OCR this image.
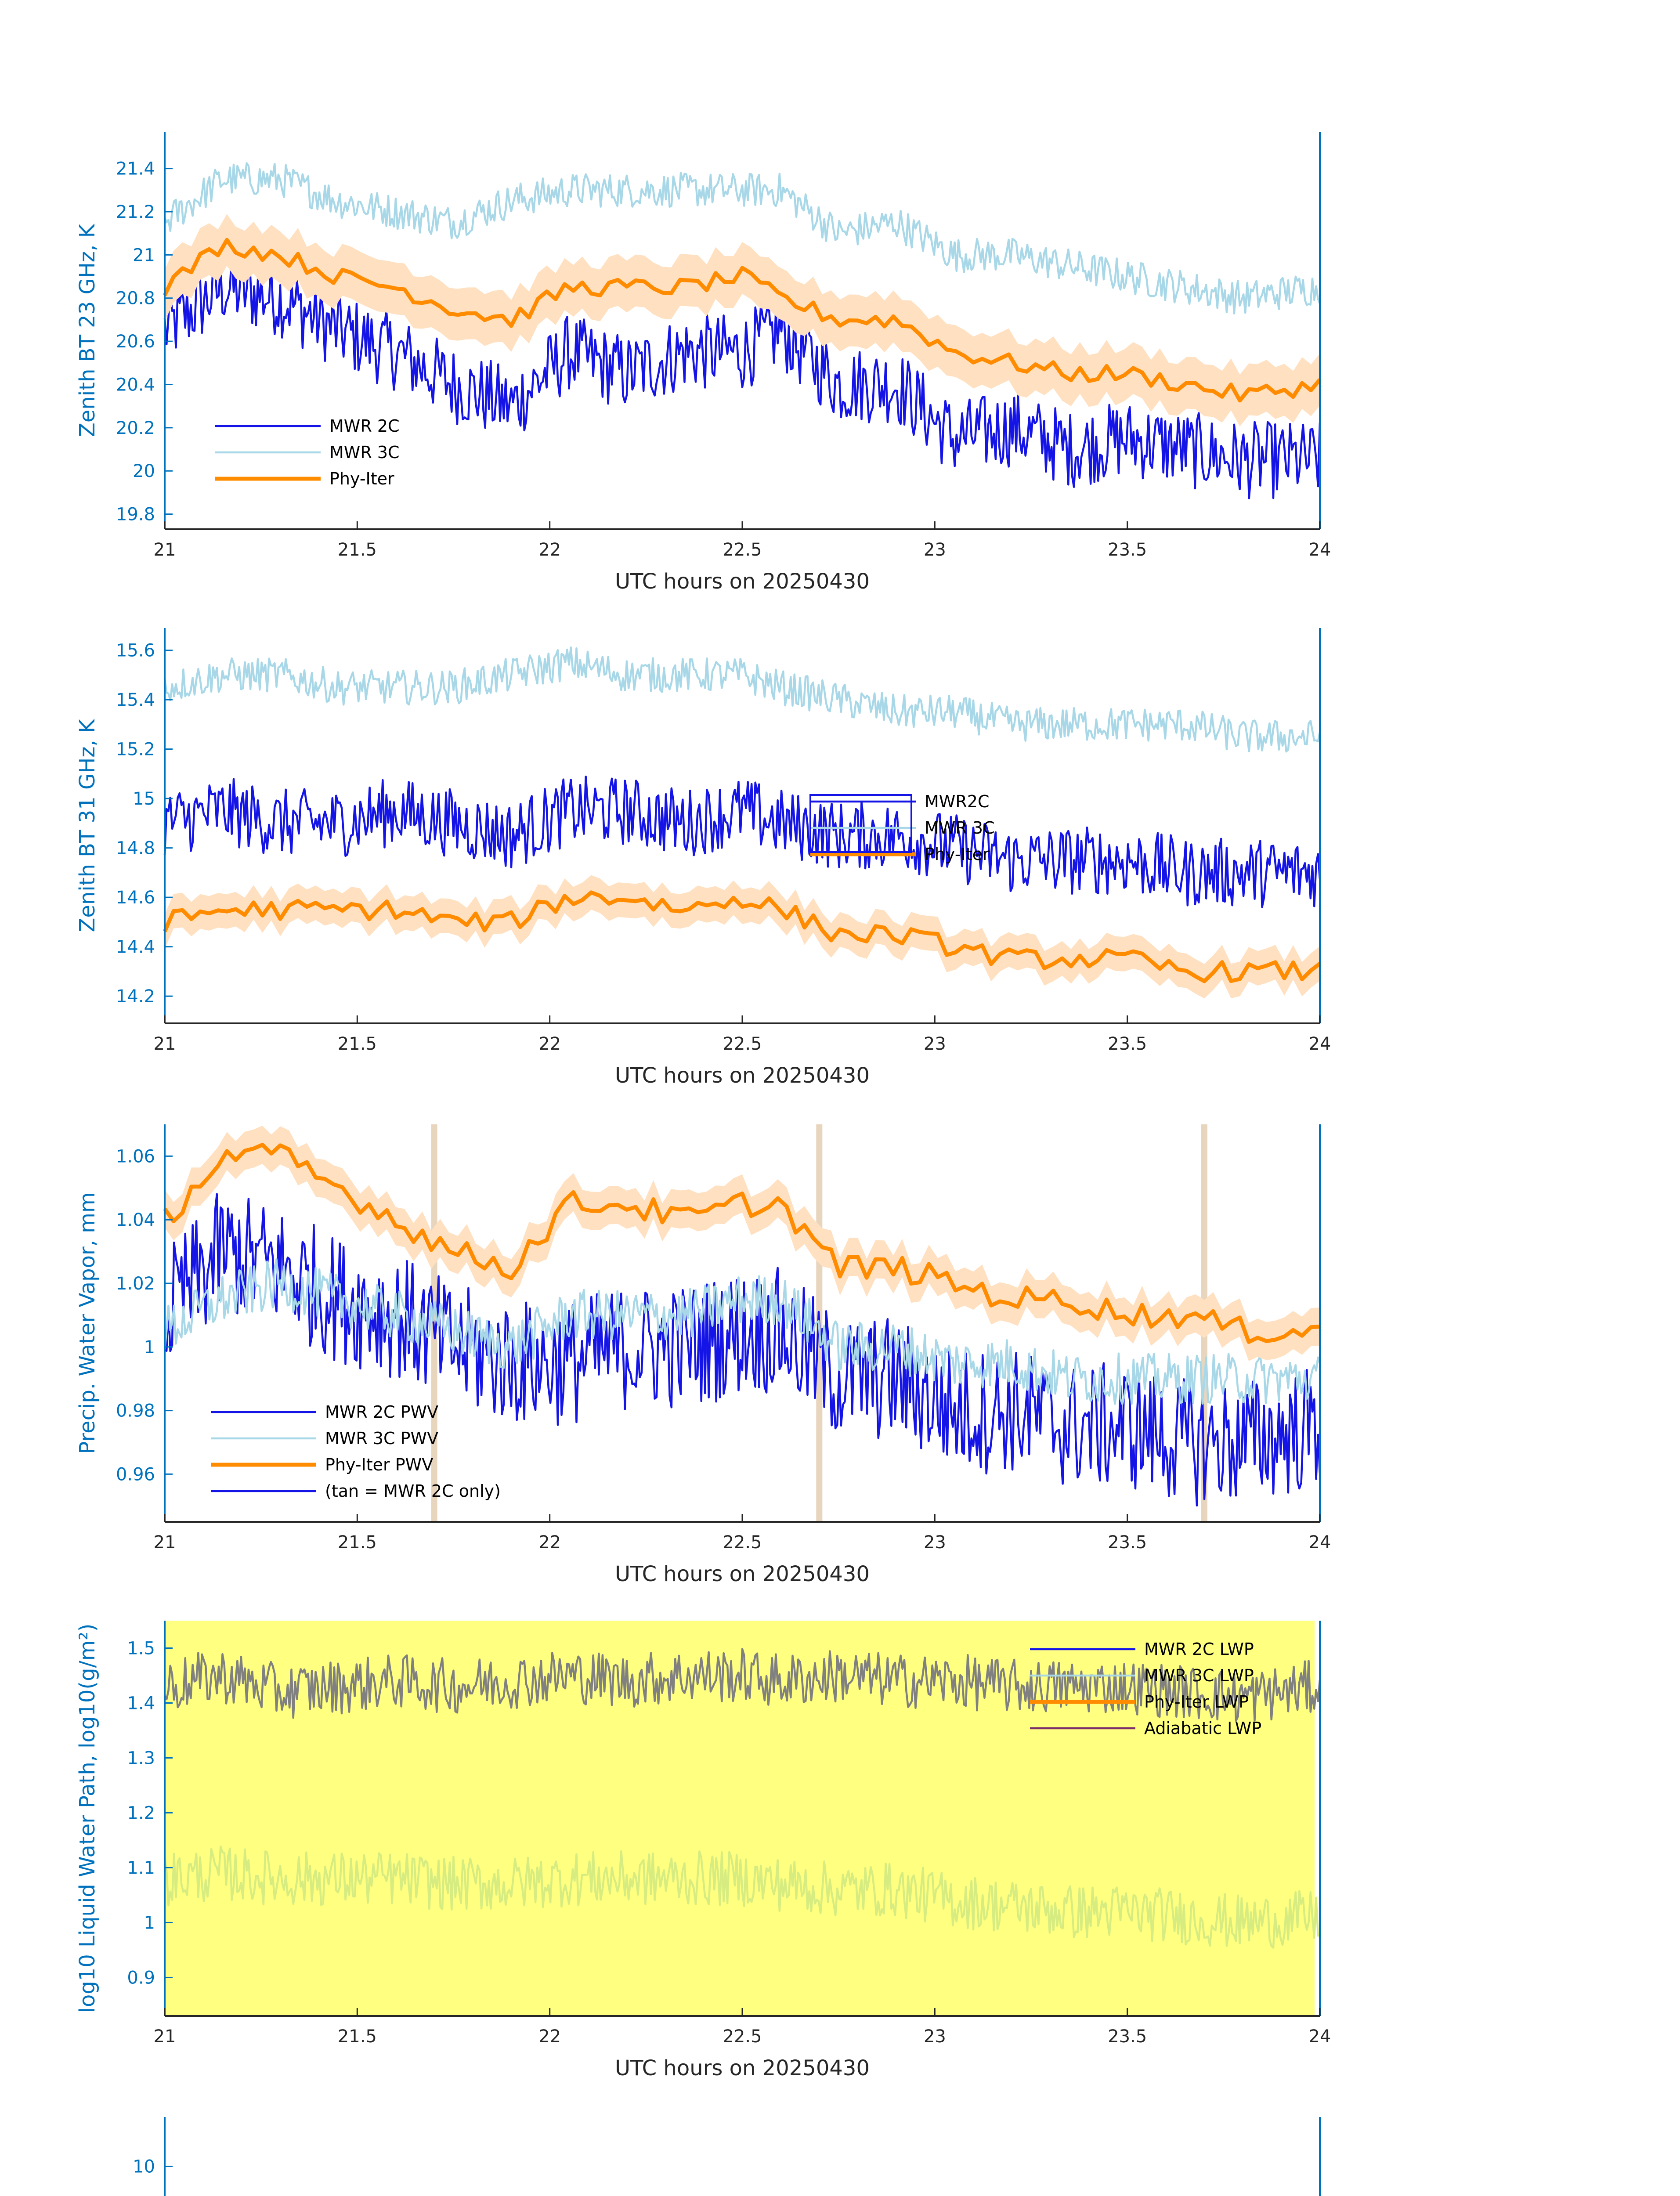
21	21.5	22	22.5	23	23.5	24
19.8
20
20.2
20.4
20.6
20.8
21
21.2
21.4
UTC hours on 20250430
Zenith BT 23 GHz, K	MWR 2C
MWR 3C
Phy-Iter
21	21.5	22	22.5	23	23.5	24
14.2
14.4
14.6
14.8
15
15.2
15.4
15.6
UTC hours on 20250430
Zenith BT 31 GHz, K	MWR2C
MWR 3C
Phy-Iter
21	21.5	22	22.5	23	23.5	24
0.96
0.98
1
1.02
1.04
1.06
UTC hours on 20250430
Precip. Water Vapor, mm	MWR 2C PWV
MWR 3C PWV
Phy-Iter PWV
(tan = MWR 2C only)
21	21.5	22	22.5	23	23.5	24
0.9
1
1.1
1.2
1.3
1.4
1.5
UTC hours on 20250430
log10 Liquid Water Path, log10(g/m²)	MWR 2C LWP
MWR 3C LWP
Phy-Iter LWP
Adiabatic LWP
10
